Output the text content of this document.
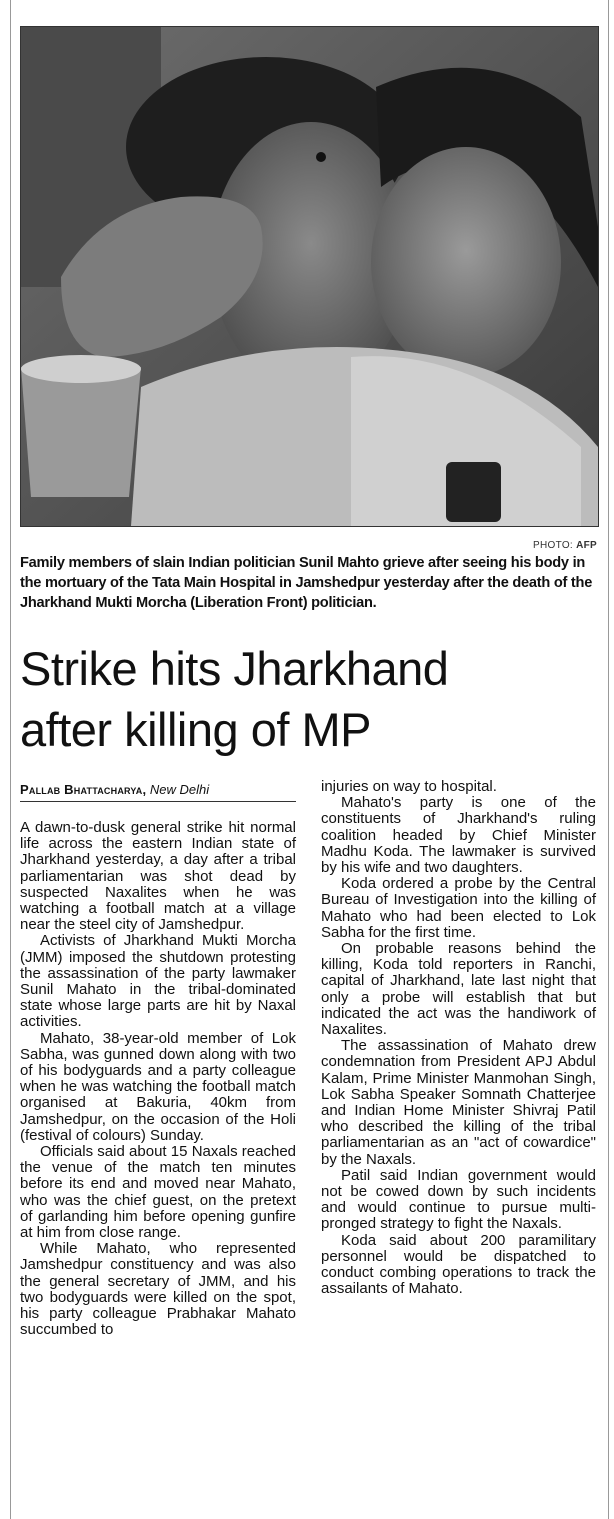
PHOTO: AFP
Family members of slain Indian politician Sunil Mahto grieve after seeing his body in the mortuary of the Tata Main Hospital in Jamshedpur yesterday after the death of the Jharkhand Mukti Morcha (Liberation Front) politician.
Strike hits Jharkhand
after killing of MP
Pallab Bhattacharya, New Delhi

A dawn-to-dusk general strike hit normal life across the eastern Indian state of Jharkhand yesterday, a day after a tribal parliamentarian was shot dead by suspected Naxalites when he was watching a football match at a village near the steel city of Jamshedpur.

Activists of Jharkhand Mukti Morcha (JMM) imposed the shutdown protesting the assassination of the party lawmaker Sunil Mahato in the tribal-dominated state whose large parts are hit by Naxal activities.

Mahato, 38-year-old member of Lok Sabha, was gunned down along with two of his bodyguards and a party colleague when he was watching the football match organised at Bakuria, 40km from Jamshedpur, on the occasion of the Holi (festival of colours) Sunday.

Officials said about 15 Naxals reached the venue of the match ten minutes before its end and moved near Mahato, who was the chief guest, on the pretext of garlanding him before opening gunfire at him from close range.

While Mahato, who represented Jamshedpur constituency and was also the general secretary of JMM, and his two bodyguards were killed on the spot, his party colleague Prabhakar Mahato succumbed to

injuries on way to hospital.

Mahato's party is one of the constituents of Jharkhand's ruling coalition headed by Chief Minister Madhu Koda. The lawmaker is survived by his wife and two daughters.

Koda ordered a probe by the Central Bureau of Investigation into the killing of Mahato who had been elected to Lok Sabha for the first time.

On probable reasons behind the killing, Koda told reporters in Ranchi, capital of Jharkhand, late last night that only a probe will establish that but indicated the act was the handiwork of Naxalites.

The assassination of Mahato drew condemnation from President APJ Abdul Kalam, Prime Minister Manmohan Singh, Lok Sabha Speaker Somnath Chatterjee and Indian Home Minister Shivraj Patil who described the killing of the tribal parliamentarian as an "act of cowardice" by the Naxals.

Patil said Indian government would not be cowed down by such incidents and would continue to pursue multi-pronged strategy to fight the Naxals.

Koda said about 200 paramilitary personnel would be dispatched to conduct combing operations to track the assailants of Mahato.
